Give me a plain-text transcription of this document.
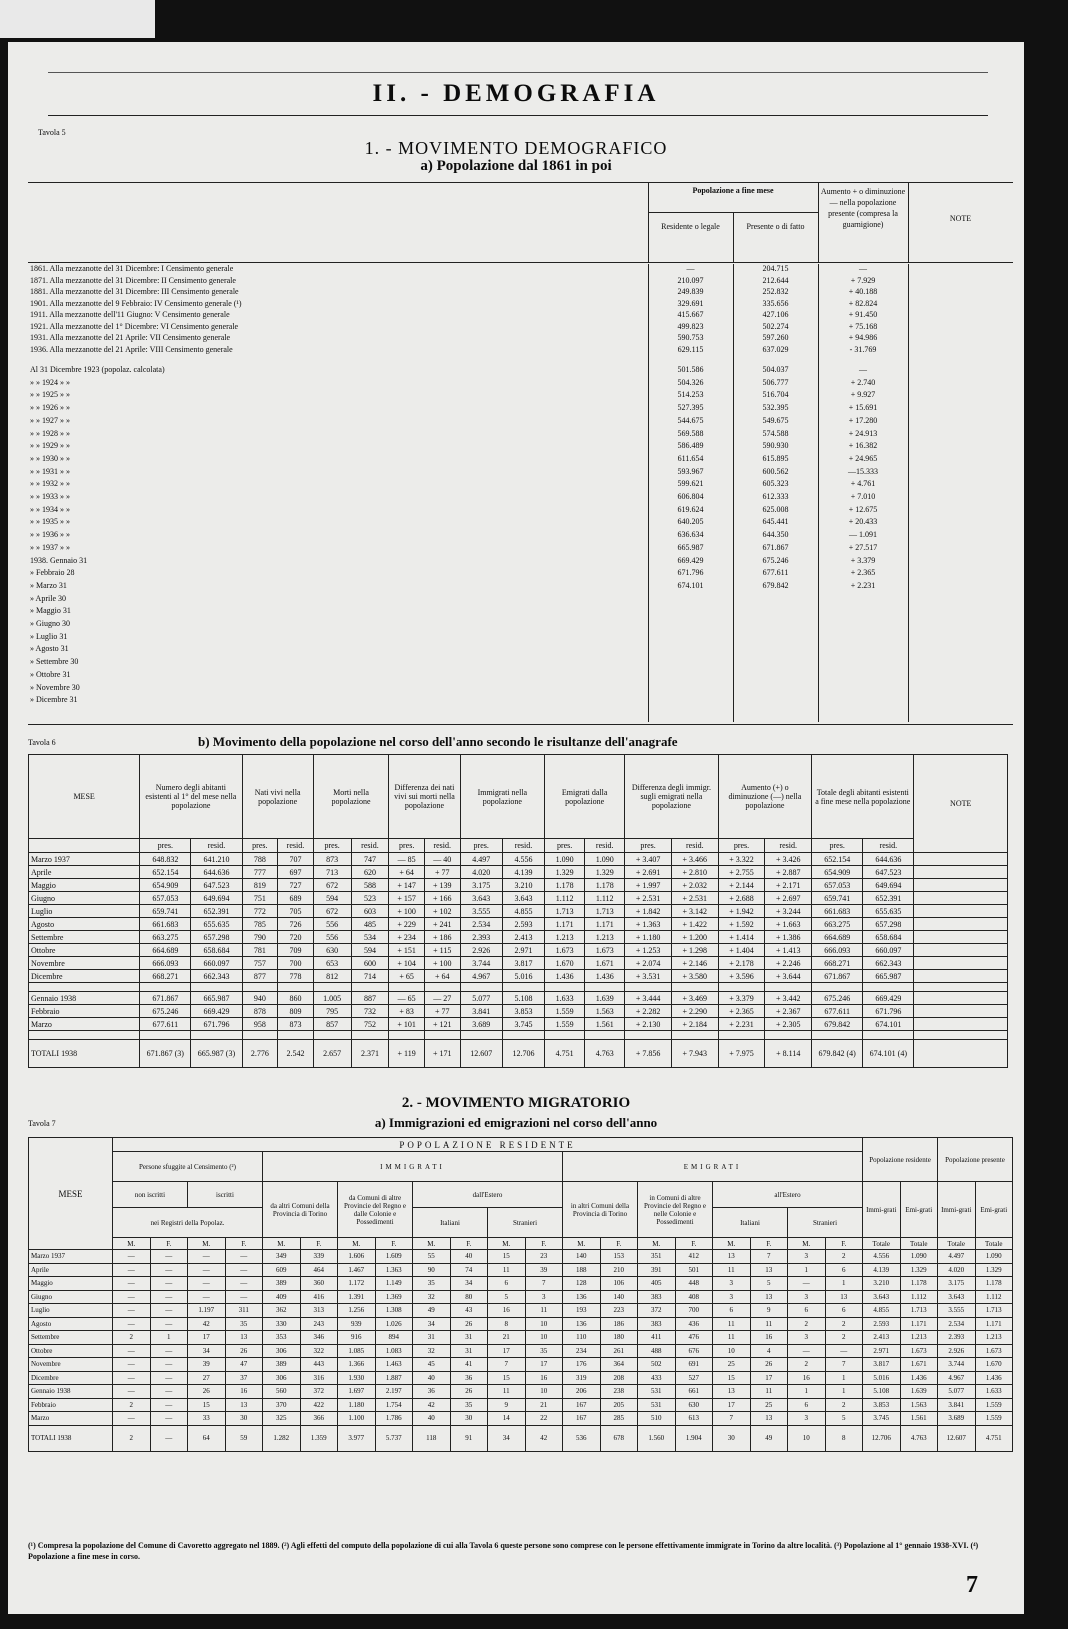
II. - DEMOGRAFIA
Tavola 5
1. - MOVIMENTO DEMOGRAFICO
a) Popolazione dal 1861 in poi
Popolazione a fine mese
Residente o legale	Presente o di fatto
Aumento + o diminuzione — nella popolazione presente (compresa la guarnigione)
NOTE
1861. Alla mezzanotte del 31 Dicembre: I Censimento generale	—	204.715	—
1871. Alla mezzanotte del 31 Dicembre: II Censimento generale	210.097	212.644	+ 7.929
1881. Alla mezzanotte del 31 Dicembre: III Censimento generale	249.839	252.832	+ 40.188
1901. Alla mezzanotte del 9 Febbraio: IV Censimento generale (¹)	329.691	335.656	+ 82.824
1911. Alla mezzanotte dell'11 Giugno: V Censimento generale	415.667	427.106	+ 91.450
1921. Alla mezzanotte del 1° Dicembre: VI Censimento generale	499.823	502.274	+ 75.168
1931. Alla mezzanotte del 21 Aprile: VII Censimento generale	590.753	597.260	+ 94.986
1936. Alla mezzanotte del 21 Aprile: VIII Censimento generale	629.115	637.029	- 31.769
Al 31 Dicembre 1923 (popolaz. calcolata)	501.586	504.037	—
» » 1924 » »	504.326	506.777	+ 2.740
» » 1925 » »	514.253	516.704	+ 9.927
» » 1926 » »	527.395	532.395	+ 15.691
» » 1927 » »	544.675	549.675	+ 17.280
» » 1928 » »	569.588	574.588	+ 24.913
» » 1929 » »	586.489	590.930	+ 16.382
» » 1930 » »	611.654	615.895	+ 24.965
» » 1931 » »	593.967	600.562	—15.333
» » 1932 » »	599.621	605.323	+ 4.761
» » 1933 » »	606.804	612.333	+ 7.010
» » 1934 » »	619.624	625.008	+ 12.675
» » 1935 » »	640.205	645.441	+ 20.433
» » 1936 » »	636.634	644.350	— 1.091
» » 1937 » »	665.987	671.867	+ 27.517
1938. Gennaio 31	669.429	675.246	+ 3.379
» Febbraio 28	671.796	677.611	+ 2.365
» Marzo 31	674.101	679.842	+ 2.231
» Aprile 30
» Maggio 31
» Giugno 30
» Luglio 31
» Agosto 31
» Settembre 30
» Ottobre 31
» Novembre 30
» Dicembre 31
Tavola 6	b) Movimento della popolazione nel corso dell'anno secondo le risultanze dell'anagrafe
MESE	Numero degli abitanti esistenti al 1° del mese nella popolazione		Nati vivi nella popolazione		Morti nella popolazione		Differenza dei nati vivi sui morti nella popolazione		Immigrati nella popolazione		Emigrati dalla popolazione		Differenza degli immigr. sugli emigrati nella popolazione		Aumento (+) o diminuzione (—) nella popolazione		Totale degli abitanti esistenti a fine mese nella popolazione		NOTE
	pres.	resid.	pres.	resid.	pres.	resid.	pres.	resid.	pres.	resid.	pres.	resid.	pres.	resid.	pres.	resid.	pres.	resid.	
Marzo 1937	648.832	641.210	788	707	873	747	— 85	— 40	4.497	4.556	1.090	1.090	+ 3.407	+ 3.466	+ 3.322	+ 3.426	652.154	644.636	
Aprile	652.154	644.636	777	697	713	620	+ 64	+ 77	4.020	4.139	1.329	1.329	+ 2.691	+ 2.810	+ 2.755	+ 2.887	654.909	647.523	
Maggio	654.909	647.523	819	727	672	588	+ 147	+ 139	3.175	3.210	1.178	1.178	+ 1.997	+ 2.032	+ 2.144	+ 2.171	657.053	649.694	
Giugno	657.053	649.694	751	689	594	523	+ 157	+ 166	3.643	3.643	1.112	1.112	+ 2.531	+ 2.531	+ 2.688	+ 2.697	659.741	652.391	
Luglio	659.741	652.391	772	705	672	603	+ 100	+ 102	3.555	4.855	1.713	1.713	+ 1.842	+ 3.142	+ 1.942	+ 3.244	661.683	655.635	
Agosto	661.683	655.635	785	726	556	485	+ 229	+ 241	2.534	2.593	1.171	1.171	+ 1.363	+ 1.422	+ 1.592	+ 1.663	663.275	657.298	
Settembre	663.275	657.298	790	720	556	534	+ 234	+ 186	2.393	2.413	1.213	1.213	+ 1.180	+ 1.200	+ 1.414	+ 1.386	664.689	658.684	
Ottobre	664.689	658.684	781	709	630	594	+ 151	+ 115	2.926	2.971	1.673	1.673	+ 1.253	+ 1.298	+ 1.404	+ 1.413	666.093	660.097	
Novembre	666.093	660.097	757	700	653	600	+ 104	+ 100	3.744	3.817	1.670	1.671	+ 2.074	+ 2.146	+ 2.178	+ 2.246	668.271	662.343	
Dicembre	668.271	662.343	877	778	812	714	+ 65	+ 64	4.967	5.016	1.436	1.436	+ 3.531	+ 3.580	+ 3.596	+ 3.644	671.867	665.987	

Gennaio 1938	671.867	665.987	940	860	1.005	887	— 65	— 27	5.077	5.108	1.633	1.639	+ 3.444	+ 3.469	+ 3.379	+ 3.442	675.246	669.429	
Febbraio	675.246	669.429	878	809	795	732	+ 83	+ 77	3.841	3.853	1.559	1.563	+ 2.282	+ 2.290	+ 2.365	+ 2.367	677.611	671.796	
Marzo	677.611	671.796	958	873	857	752	+ 101	+ 121	3.689	3.745	1.559	1.561	+ 2.130	+ 2.184	+ 2.231	+ 2.305	679.842	674.101	

TOTALI 1938	671.867 (3)	665.987 (3)	2.776	2.542	2.657	2.371	+ 119	+ 171	12.607	12.706	4.751	4.763	+ 7.856	+ 7.943	+ 7.975	+ 8.114	679.842 (4)	674.101 (4)	
2. - MOVIMENTO MIGRATORIO
Tavola 7	a) Immigrazioni ed emigrazioni nel corso dell'anno
MESE	POPOLAZIONE RESIDENTE																				Popolazione residente		Popolazione presente	
	Persone sfuggite al Censimento (²)				IMMIGRATI								EMIGRATI											
	non iscritti		iscritti		da altri Comuni della Provincia di Torino		da Comuni di altre Provincie del Regno e dalle Colonie e Possedimenti		dall'Estero				in altri Comuni della Provincia di Torino		in Comuni di altre Provincie del Regno e nelle Colonie e Possedimenti		all'Estero				Immi-grati	Emi-grati	Immi-grati	Emi-grati
	nei Registri della Popolaz.								Italiani		Stranieri						Italiani		Stranieri					
	M.	F.	M.	F.	M.	F.	M.	F.	M.	F.	M.	F.	M.	F.	M.	F.	M.	F.	M.	F.	Totale	Totale	Totale	Totale
Marzo 1937	—	—	—	—	349	339	1.606	1.609	55	40	15	23	140	153	351	412	13	7	3	2	4.556	1.090	4.497	1.090
Aprile	—	—	—	—	609	464	1.467	1.363	90	74	11	39	188	210	391	501	11	13	1	6	4.139	1.329	4.020	1.329
Maggio	—	—	—	—	389	360	1.172	1.149	35	34	6	7	128	106	405	448	3	5	—	1	3.210	1.178	3.175	1.178
Giugno	—	—	—	—	409	416	1.391	1.369	32	80	5	3	136	140	383	408	3	13	3	13	3.643	1.112	3.643	1.112
Luglio	—	—	1.197	311	362	313	1.256	1.308	49	43	16	11	193	223	372	700	6	9	6	6	4.855	1.713	3.555	1.713
Agosto	—	—	42	35	330	243	939	1.026	34	26	8	10	136	186	383	436	11	11	2	2	2.593	1.171	2.534	1.171
Settembre	2	1	17	13	353	346	916	894	31	31	21	10	110	180	411	476	11	16	3	2	2.413	1.213	2.393	1.213
Ottobre	—	—	34	26	306	322	1.085	1.083	32	31	17	35	234	261	488	676	10	4	—	—	2.971	1.673	2.926	1.673
Novembre	—	—	39	47	389	443	1.366	1.463	45	41	7	17	176	364	502	691	25	26	2	7	3.817	1.671	3.744	1.670
Dicembre	—	—	27	37	306	316	1.930	1.887	40	36	15	16	319	208	433	527	15	17	16	1	5.016	1.436	4.967	1.436
Gennaio 1938	—	—	26	16	560	372	1.697	2.197	36	26	11	10	206	238	531	661	13	11	1	1	5.108	1.639	5.077	1.633
Febbraio	2	—	15	13	370	422	1.180	1.754	42	35	9	21	167	205	531	630	17	25	6	2	3.853	1.563	3.841	1.559
Marzo	—	—	33	30	325	366	1.100	1.786	40	30	14	22	167	285	510	613	7	13	3	5	3.745	1.561	3.689	1.559
TOTALI 1938	2	—	64	59	1.282	1.359	3.977	5.737	118	91	34	42	536	678	1.560	1.904	30	49	10	8	12.706	4.763	12.607	4.751
(¹) Compresa la popolazione del Comune di Cavoretto aggregato nel 1889. (²) Agli effetti del computo della popolazione di cui alla Tavola 6 queste persone sono comprese con le persone effettivamente immigrate in Torino da altre località. (³) Popolazione al 1° gennaio 1938-XVI. (⁴) Popolazione a fine mese in corso.
7
